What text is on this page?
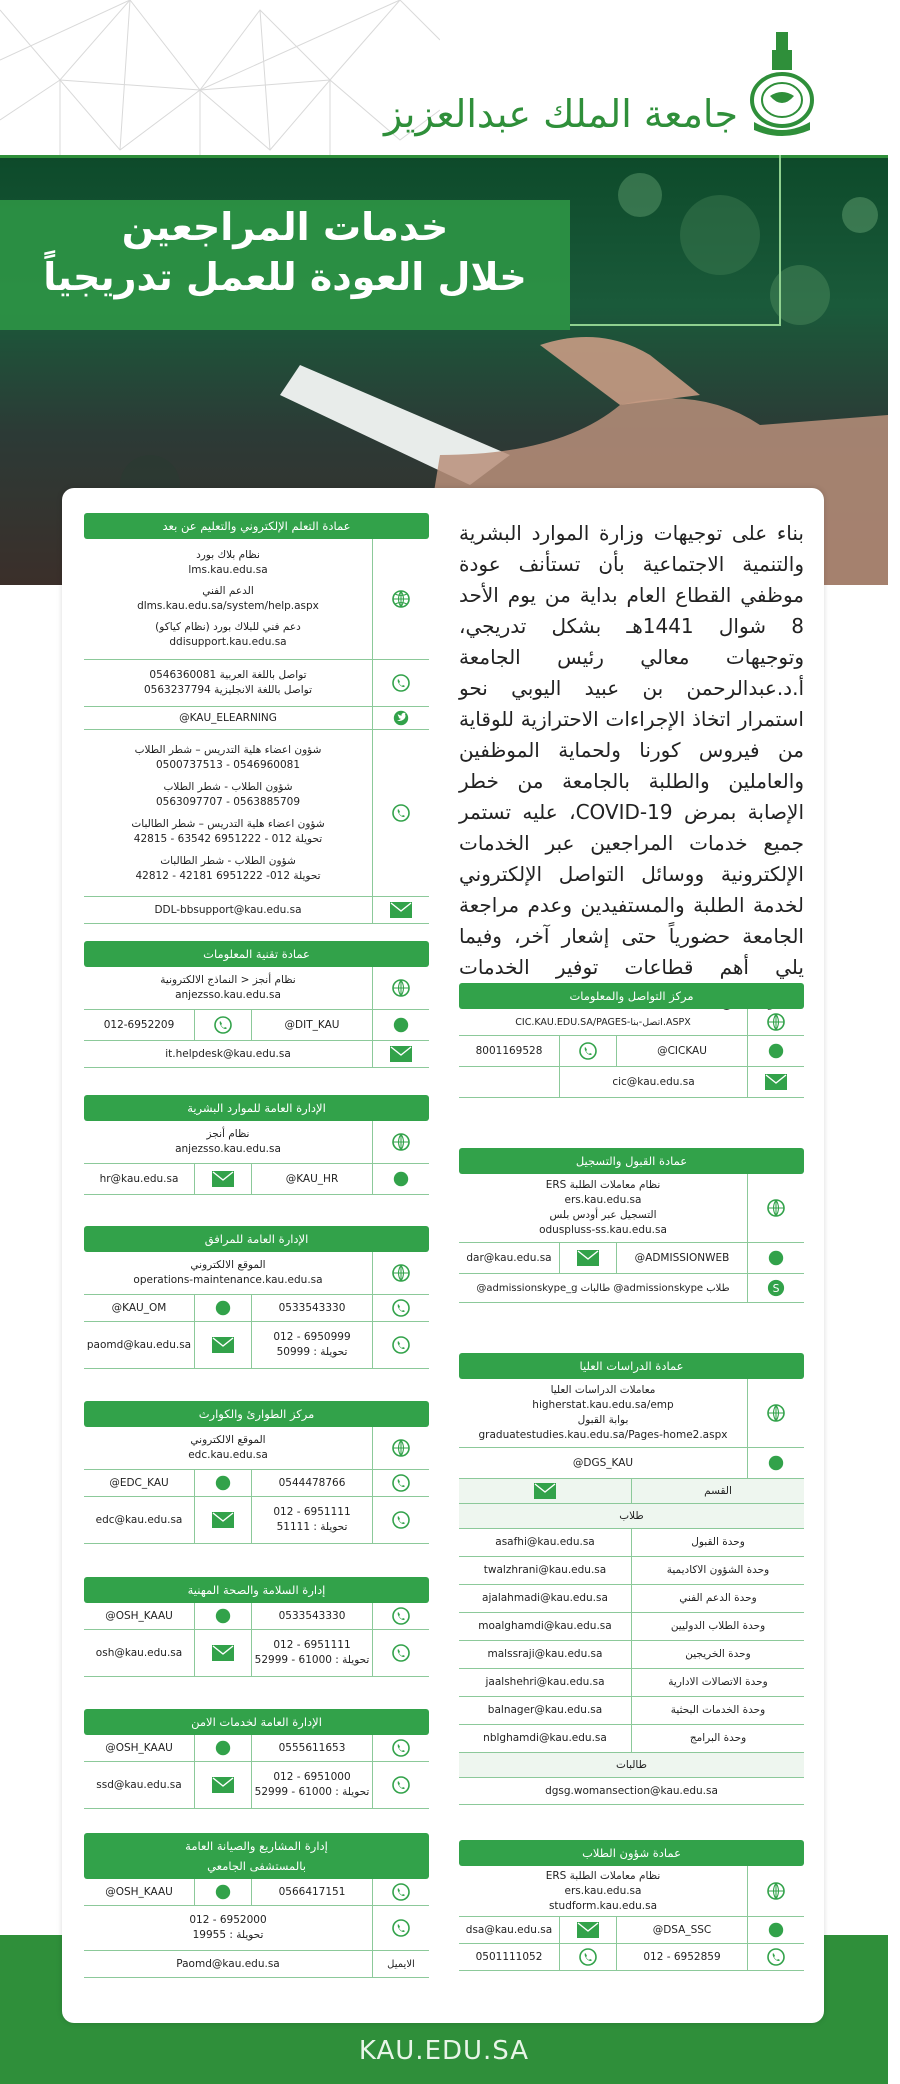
جامعة الملك عبدالعزيز
خدمات المراجعين
خلال العودة للعمل تدريجياً
KAU.EDU.SA
بناء على توجيهات وزارة الموارد البشرية والتنمية الاجتماعية بأن تستأنف عودة موظفي القطاع العام بداية من يوم الأحد 8 شوال 1441هـ بشكل تدريجي، وتوجيهات معالي رئيس الجامعة أ.د.عبدالرحمن بن عبيد اليوبي نحو استمرار اتخاذ الإجراءات الاحترازية للوقاية من فيروس كورنا ولحماية الموظفين والعاملين والطلبة بالجامعة من خطر الإصابة بمرض COVID-19، عليه تستمر جميع خدمات المراجعين عبر الخدمات الإلكترونية ووسائل التواصل الإلكتروني لخدمة الطلبة والمستفيدين وعدم مراجعة الجامعة حضورياً حتى إشعار آخر، وفيما يلي أهم قطاعات توفير الخدمات
عمادة التعلم الإلكتروني والتعليم عن بعد
نظام بلاك بورد
lms.kau.edu.sa
الدعم الفني
dlms.kau.edu.sa/system/help.aspx
دعم فني للبلاك بورد (نظام كياكو)
ddisupport.kau.edu.sa
0546360081 تواصل باللغة العربية
0563237794 تواصل باللغة الانجليزية
@KAU_ELEARNING
شؤون اعضاء هلية التدريس – شطر الطلاب
0500737513 - 0546960081
شؤون الطلاب - شطر الطلاب
0563097707 - 0563885709
شؤون اعضاء هلية التدريس – شطر الطالبات
42815 - 63542 تحويلة 012 - 6951222
شؤون الطلاب - شطر الطالبات
42812 - 42181 تحويلة 012- 6951222
DDL-bbsupport@kau.edu.sa
عمادة تقنية المعلومات
نظام أنجز < النماذج الالكترونية
anjezsso.kau.edu.sa
012-6952209	@DIT_KAU
it.helpdesk@kau.edu.sa
الإدارة العامة للموارد البشرية
نظام أنجز
anjezsso.kau.edu.sa
hr@kau.edu.sa	@KAU_HR
الإدارة العامة للمرافق
الموقع الالكتروني
operations-maintenance.kau.edu.sa
@KAU_OM	0533543330
paomd@kau.edu.sa
012 - 6950999
تحويلة : 50999
مركز الطوارئ والكوارث
الموقع الالكتروني
edc.kau.edu.sa
@EDC_KAU	0544478766
edc@kau.edu.sa
012 - 6951111
تحويلة : 51111
إدارة السلامة والصحة المهنية
@OSH_KAAU	0533543330
osh@kau.edu.sa
012 - 6951111
تحويلة : 61000 - 52999
الإدارة العامة لخدمات الامن
@OSH_KAAU	0555611653
ssd@kau.edu.sa
012 - 6951000
تحويلة : 61000 - 52999
إدارة المشاريع والصيانة العامة
بالمستشفى الجامعي
@OSH_KAAU	0566417151
012 - 6952000
تحويلة : 19955
Paomd@kau.edu.sa	الايميل
مركز التواصل والمعلومات
CIC.KAU.EDU.SA/PAGES-اتصل-بنا.ASPX
8001169528	@CICKAU
cic@kau.edu.sa
عمادة القبول والتسجيل
ERS نظام معاملات الطلبة
ers.kau.edu.sa
التسجيل عبر أودس بلس
oduspluss-ss.kau.edu.sa
dar@kau.edu.sa	@ADMISSIONWEB
@admissionskype_g طالبات @admissionskype طلاب	S
عمادة الدراسات العليا
معاملات الدراسات العليا
higherstat.kau.edu.sa/emp
بوابة القبول
graduatestudies.kau.edu.sa/Pages-home2.aspx
@DGS_KAU
القسم
طلاب
asafhi@kau.edu.sa	وحدة القبول
twalzhrani@kau.edu.sa	وحدة الشؤون الاكاديمية
ajalahmadi@kau.edu.sa	وحدة الدعم الفني
moalghamdi@kau.edu.sa	وحدة الطلاب الدوليين
malssraji@kau.edu.sa	وحدة الخريجين
jaalshehri@kau.edu.sa	وحدة الاتصالات الادارية
balnager@kau.edu.sa	وحدة الخدمات البحثية
nblghamdi@kau.edu.sa	وحدة البرامج
طالبات
dgsg.womansection@kau.edu.sa
عمادة شؤون الطلاب
ERS نظام معاملات الطلبة
ers.kau.edu.sa
studform.kau.edu.sa
dsa@kau.edu.sa	@DSA_SSC
0501111052	012 - 6952859
